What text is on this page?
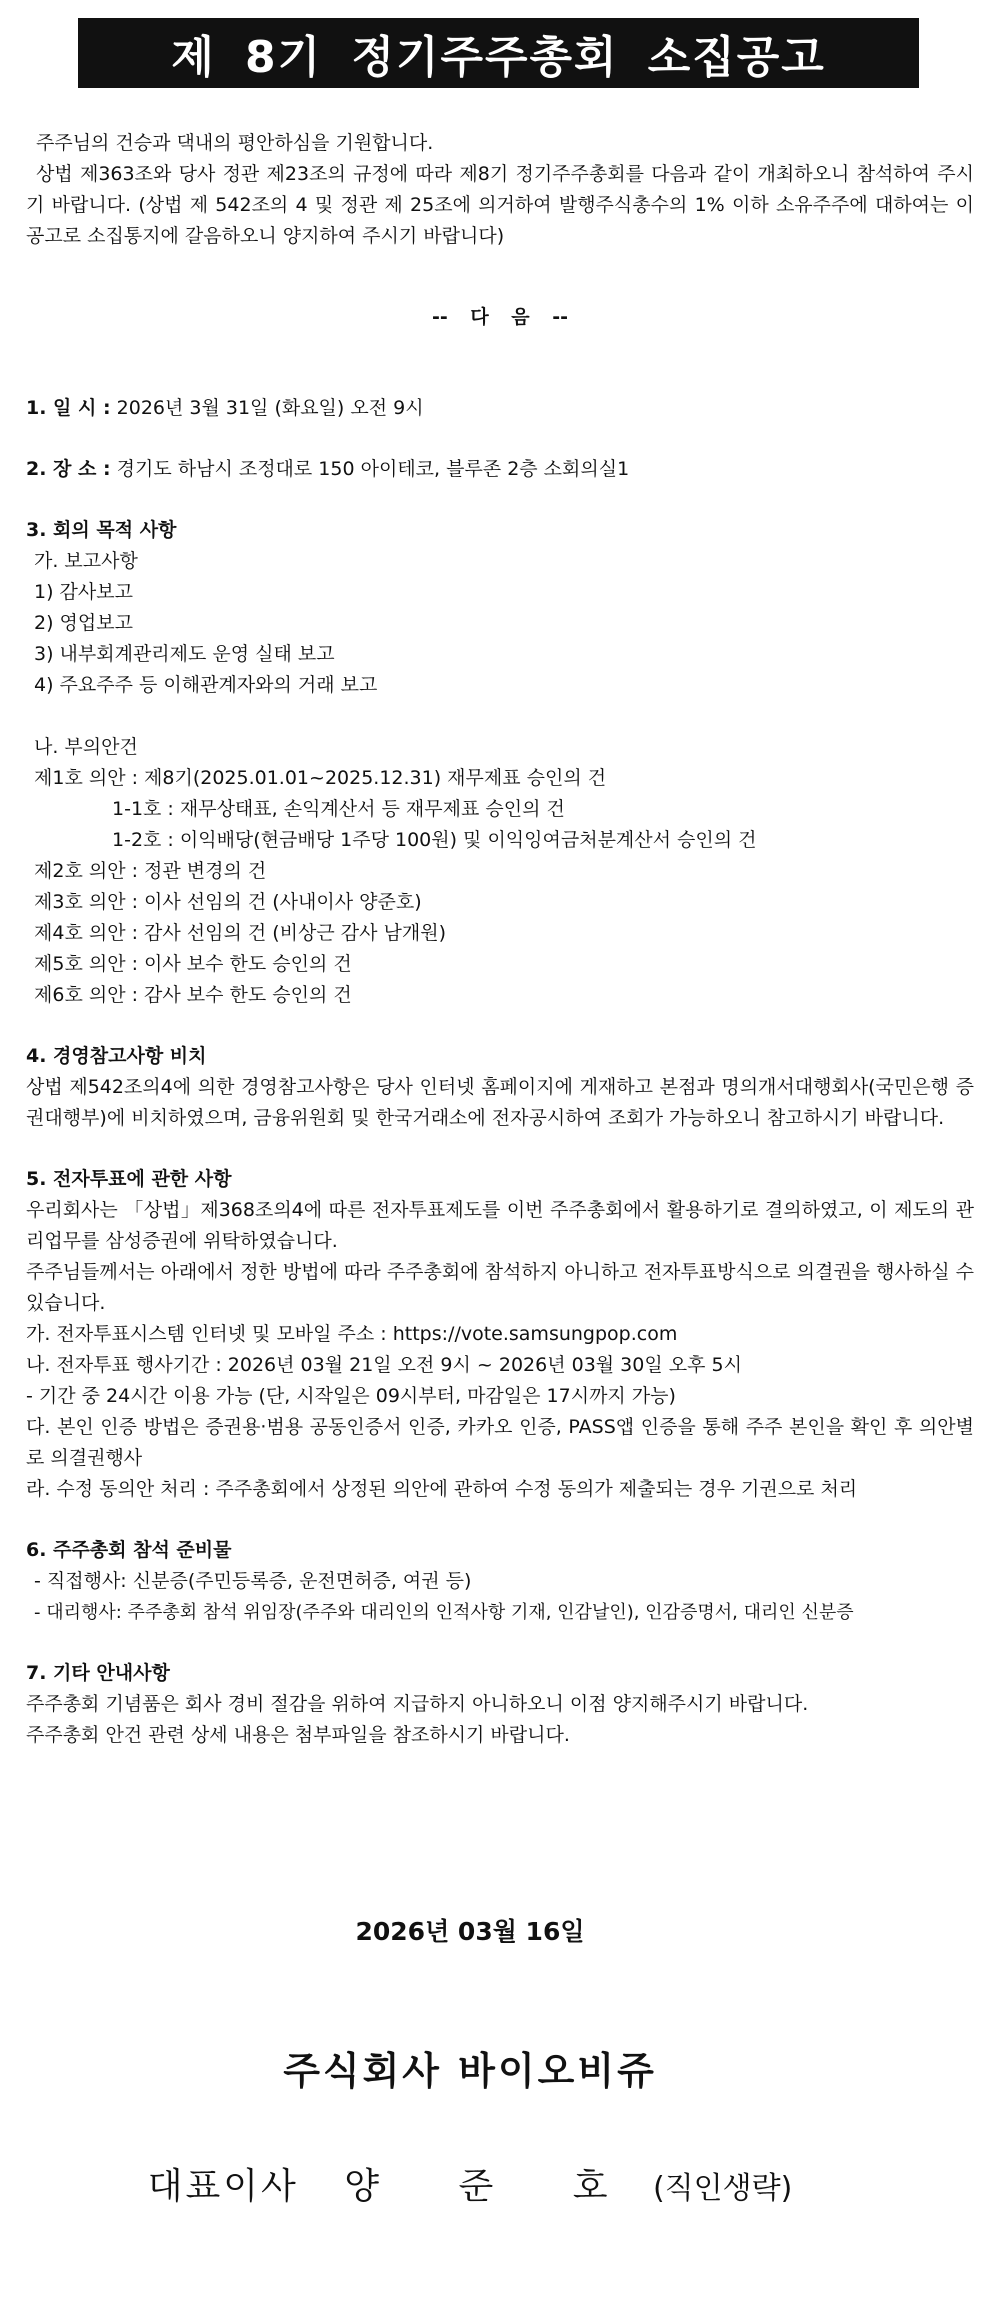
제 8기 정기주주총회 소집공고

주주님의 건승과 댁내의 평안하심을 기원합니다.

상법 제363조와 당사 정관 제23조의 규정에 따라 제8기 정기주주총회를 다음과 같이 개최하오니 참석하여 주시기 바랍니다. (상법 제 542조의 4 및 정관 제 25조에 의거하여 발행주식총수의 1% 이하 소유주주에 대하여는 이 공고로 소집통지에 갈음하오니 양지하여 주시기 바랍니다)

-- 다 음 --

1. 일 시 : 2026년 3월 31일 (화요일) 오전 9시

2. 장 소 : 경기도 하남시 조정대로 150 아이테코, 블루존 2층 소회의실1

3. 회의 목적 사항

가. 보고사항

1) 감사보고

2) 영업보고

3) 내부회계관리제도 운영 실태 보고

4) 주요주주 등 이해관계자와의 거래 보고

나. 부의안건

제1호 의안 : 제8기(2025.01.01~2025.12.31) 재무제표 승인의 건

1-1호 : 재무상태표, 손익계산서 등 재무제표 승인의 건

1-2호 : 이익배당(현금배당 1주당 100원) 및 이익잉여금처분계산서 승인의 건

제2호 의안 : 정관 변경의 건

제3호 의안 : 이사 선임의 건 (사내이사 양준호)

제4호 의안 : 감사 선임의 건 (비상근 감사 남개원)

제5호 의안 : 이사 보수 한도 승인의 건

제6호 의안 : 감사 보수 한도 승인의 건

4. 경영참고사항 비치

상법 제542조의4에 의한 경영참고사항은 당사 인터넷 홈페이지에 게재하고 본점과 명의개서대행회사(국민은행 증권대행부)에 비치하였으며, 금융위원회 및 한국거래소에 전자공시하여 조회가 가능하오니 참고하시기 바랍니다.

5. 전자투표에 관한 사항

우리회사는 「상법」제368조의4에 따른 전자투표제도를 이번 주주총회에서 활용하기로 결의하였고, 이 제도의 관리업무를 삼성증권에 위탁하였습니다.

주주님들께서는 아래에서 정한 방법에 따라 주주총회에 참석하지 아니하고 전자투표방식으로 의결권을 행사하실 수 있습니다.

가. 전자투표시스템 인터넷 및 모바일 주소 : https://vote.samsungpop.com

나. 전자투표 행사기간 : 2026년 03월 21일 오전 9시 ~ 2026년 03월 30일 오후 5시

- 기간 중 24시간 이용 가능 (단, 시작일은 09시부터, 마감일은 17시까지 가능)

다. 본인 인증 방법은 증권용·범용 공동인증서 인증, 카카오 인증, PASS앱 인증을 통해 주주 본인을 확인 후 의안별로 의결권행사

라. 수정 동의안 처리 : 주주총회에서 상정된 의안에 관하여 수정 동의가 제출되는 경우 기권으로 처리

6. 주주총회 참석 준비물

- 직접행사: 신분증(주민등록증, 운전면허증, 여권 등)

- 대리행사: 주주총회 참석 위임장(주주와 대리인의 인적사항 기재, 인감날인), 인감증명서, 대리인 신분증

7. 기타 안내사항

주주총회 기념품은 회사 경비 절감을 위하여 지급하지 아니하오니 이점 양지해주시기 바랍니다.

주주총회 안건 관련 상세 내용은 첨부파일을 참조하시기 바랍니다.

2026년 03월 16일
주식회사 바이오비쥬
대표이사 양 준 호 (직인생략)
